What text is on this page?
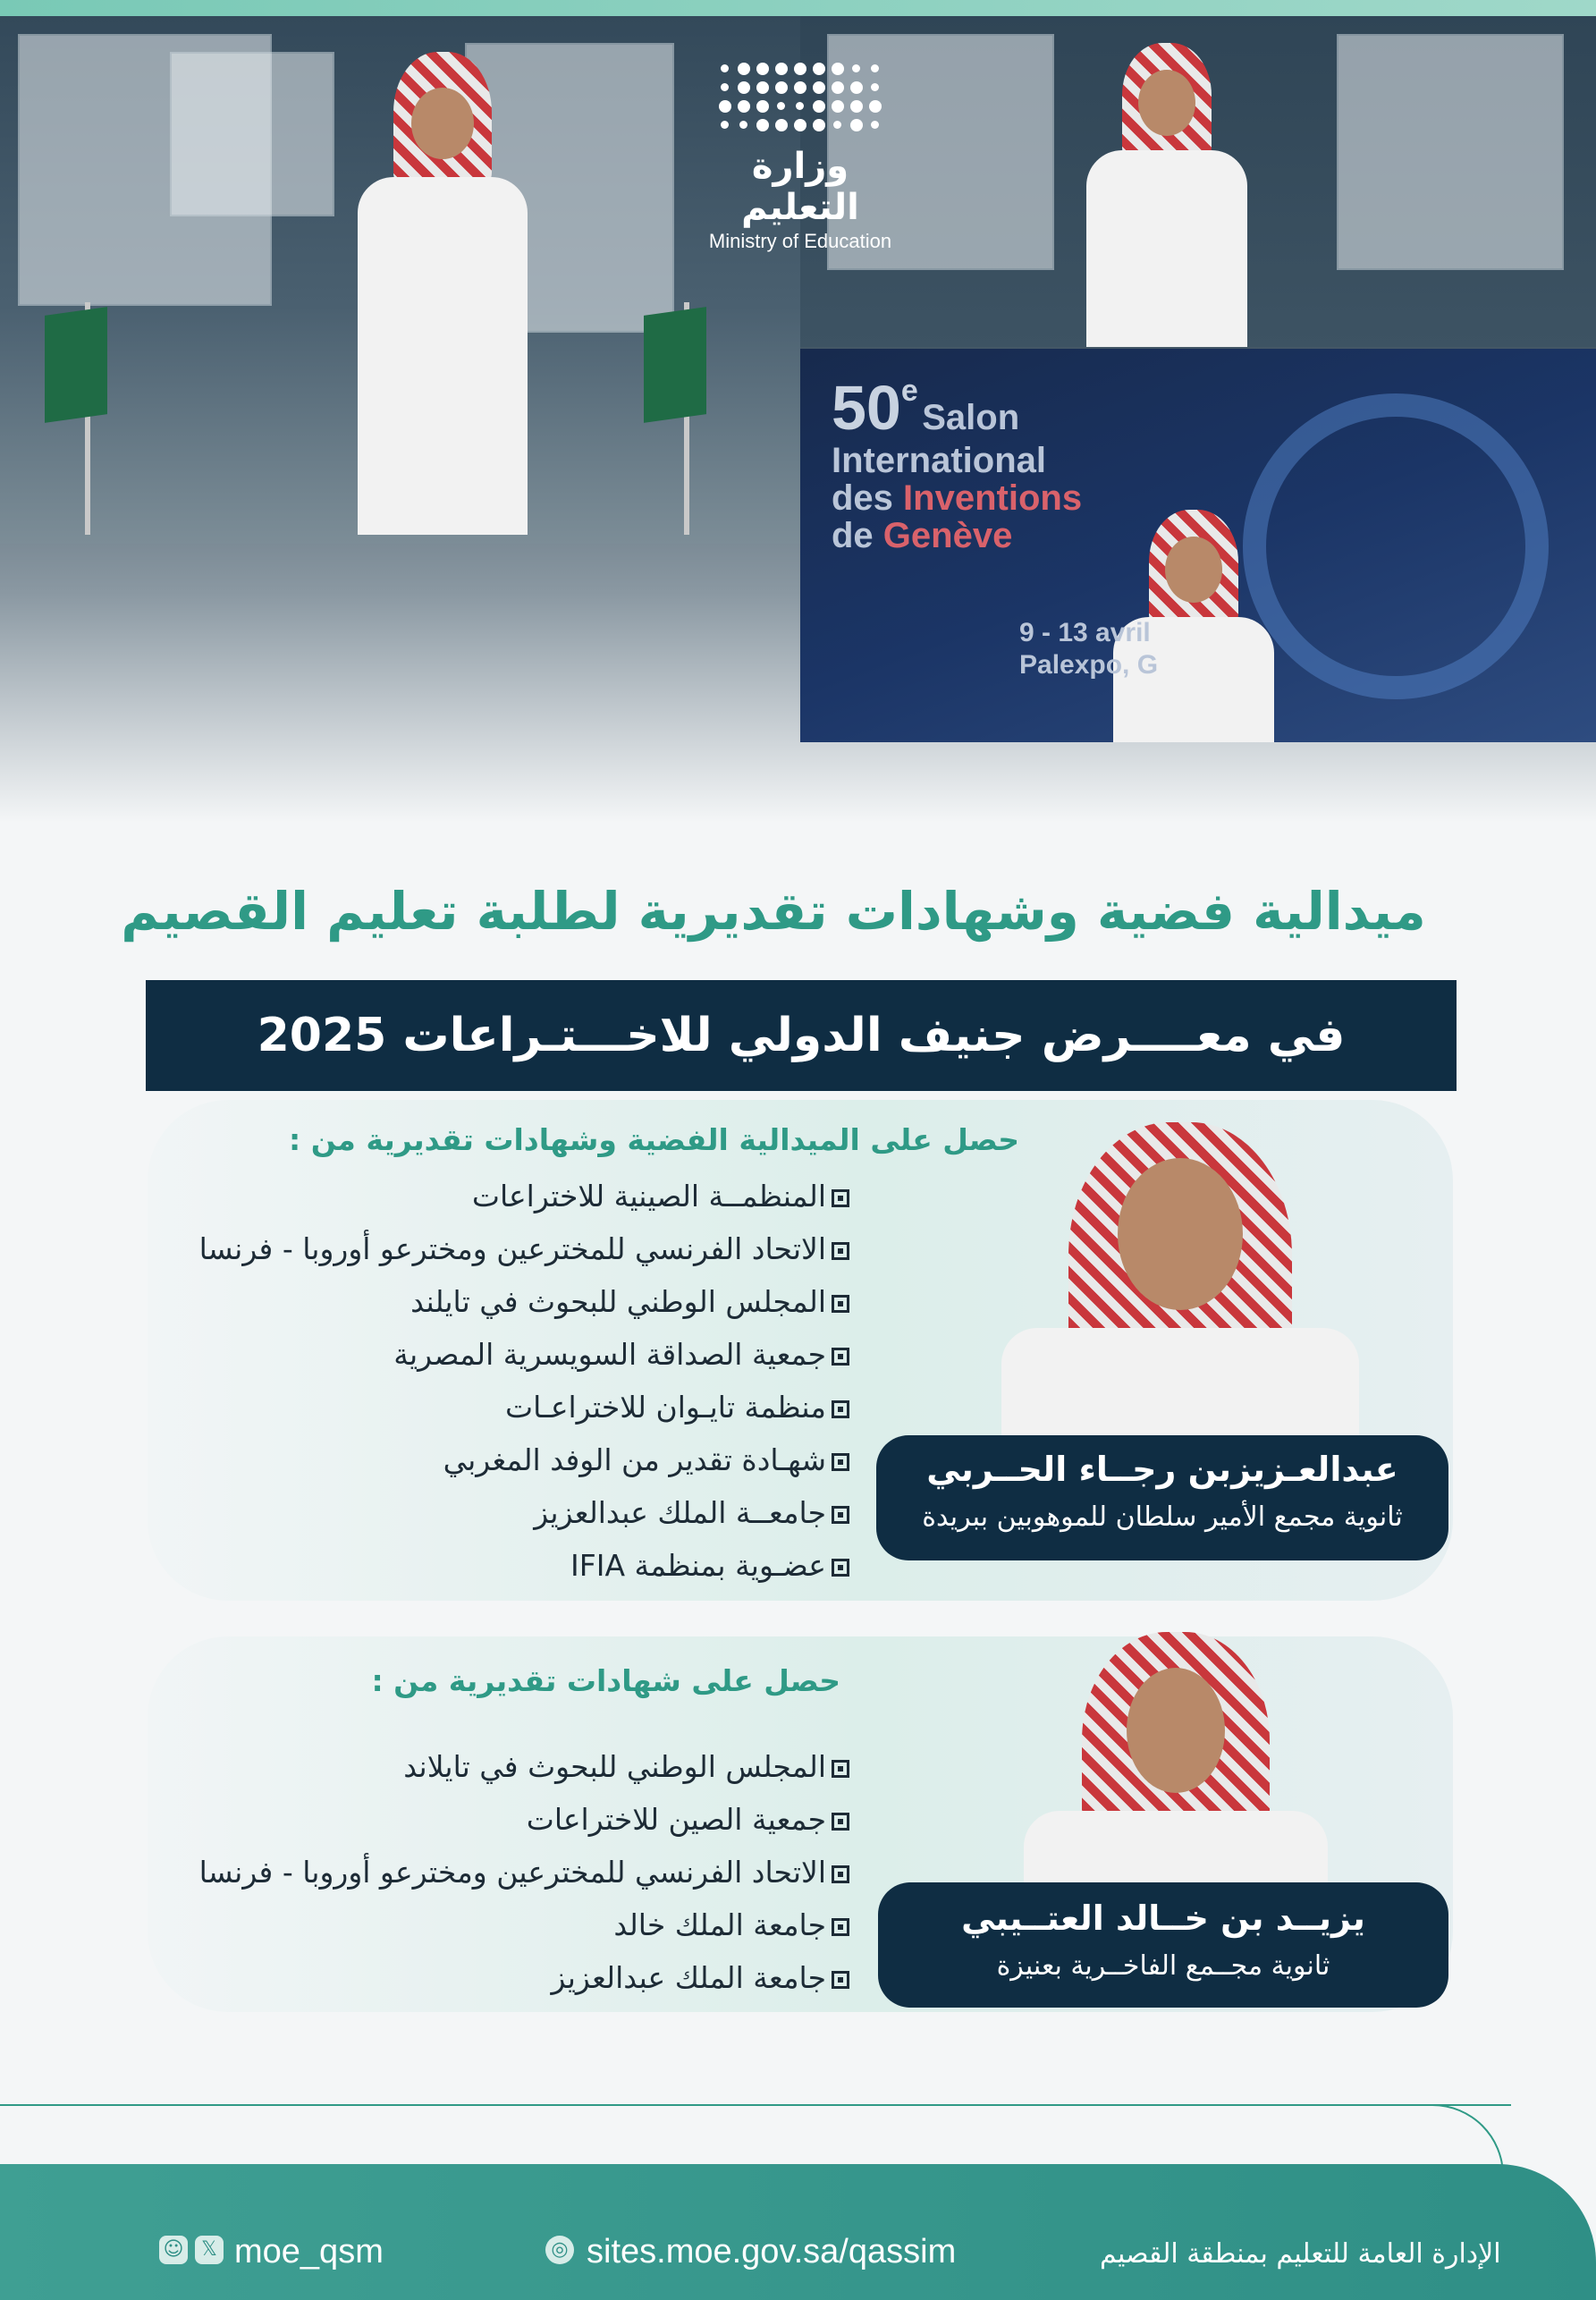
50e Salon
International
des Inventions
de Genève
9 - 13 avril
Palexpo, G
وزارة التعليم
Ministry of Education
ميدالية فضية وشهادات تقديرية لطلبة تعليم القصيم
في معــــرض جنيف الدولي للاخـــتـراعات 2025
عبدالعـزيزبن رجــاء الحــربي
ثانوية مجمع الأمير سلطان للموهوبين ببريدة
حصل على الميدالية الفضية وشهادات تقديرية من :
المنظمــة الصينية للاختراعات
الاتحاد الفرنسي للمخترعين ومخترعو أوروبا - فرنسا
المجلس الوطني للبحوث في تايلند
جمعية الصداقة السويسرية المصرية
منظمة تايـوان للاختراعـات
شهـادة تقدير من الوفد المغربي
جامعــة الملك عبدالعزيز
عضـوية بمنظمة IFIA
يزيــد بن خــالد العتــيبي
ثانوية مجــمع الفاخــرية بعنيزة
حصل على شهادات تقديرية من :
المجلس الوطني للبحوث في تايلاند
جمعية الصين للاختراعات
الاتحاد الفرنسي للمخترعين ومخترعو أوروبا - فرنسا
جامعة الملك خالد
جامعة الملك عبدالعزيز
☺ 𝕏 moe_qsm	◎ sites.moe.gov.sa/qassim	الإدارة العامة للتعليم بمنطقة القصيم
